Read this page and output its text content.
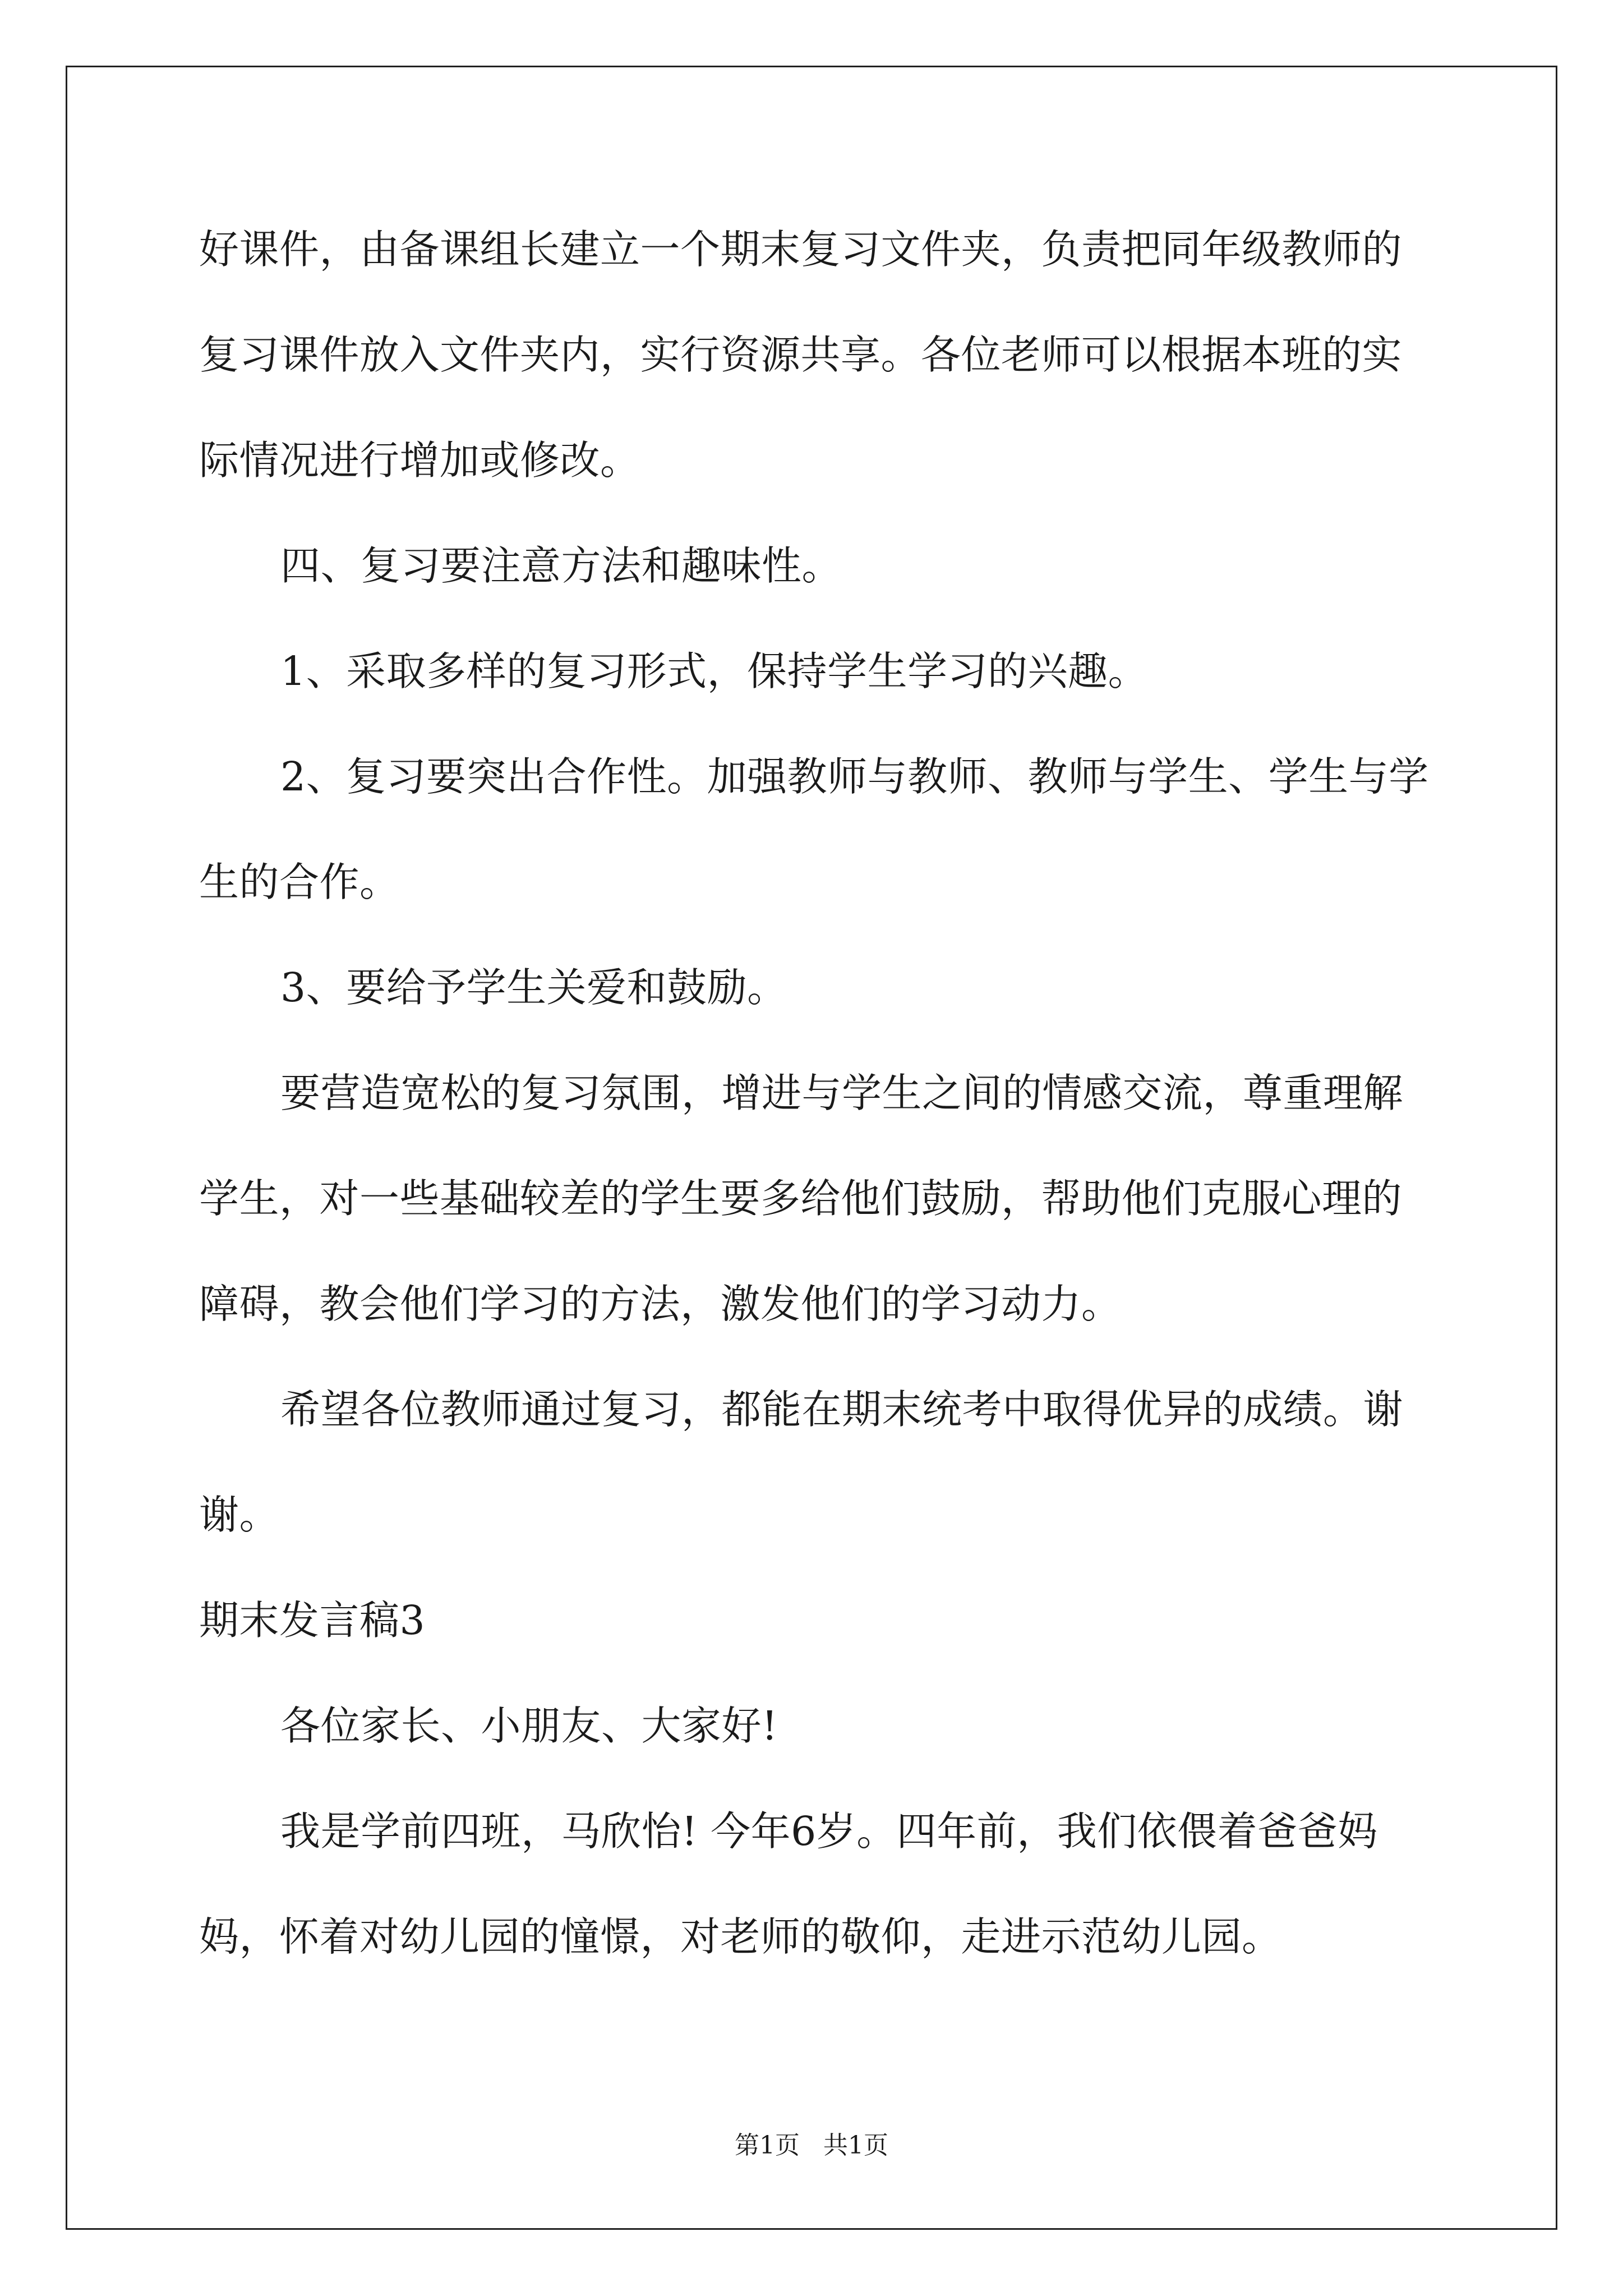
好课件，由备课组长建立一个期末复习文件夹，负责把同年级教师的
复习课件放入文件夹内，实行资源共享。各位老师可以根据本班的实
际情况进行增加或修改。
四、复习要注意方法和趣味性。
1、采取多样的复习形式，保持学生学习的兴趣。
2、复习要突出合作性。加强教师与教师、教师与学生、学生与学
生的合作。
3、要给予学生关爱和鼓励。
要营造宽松的复习氛围，增进与学生之间的情感交流，尊重理解
学生，对一些基础较差的学生要多给他们鼓励，帮助他们克服心理的
障碍，教会他们学习的方法，激发他们的学习动力。
希望各位教师通过复习，都能在期末统考中取得优异的成绩。谢
谢。
期末发言稿3
各位家长、小朋友、大家好!
我是学前四班，马欣怡! 今年6岁。四年前，我们依偎着爸爸妈
妈，怀着对幼儿园的憧憬，对老师的敬仰，走进示范幼儿园。
第1页   共1页
